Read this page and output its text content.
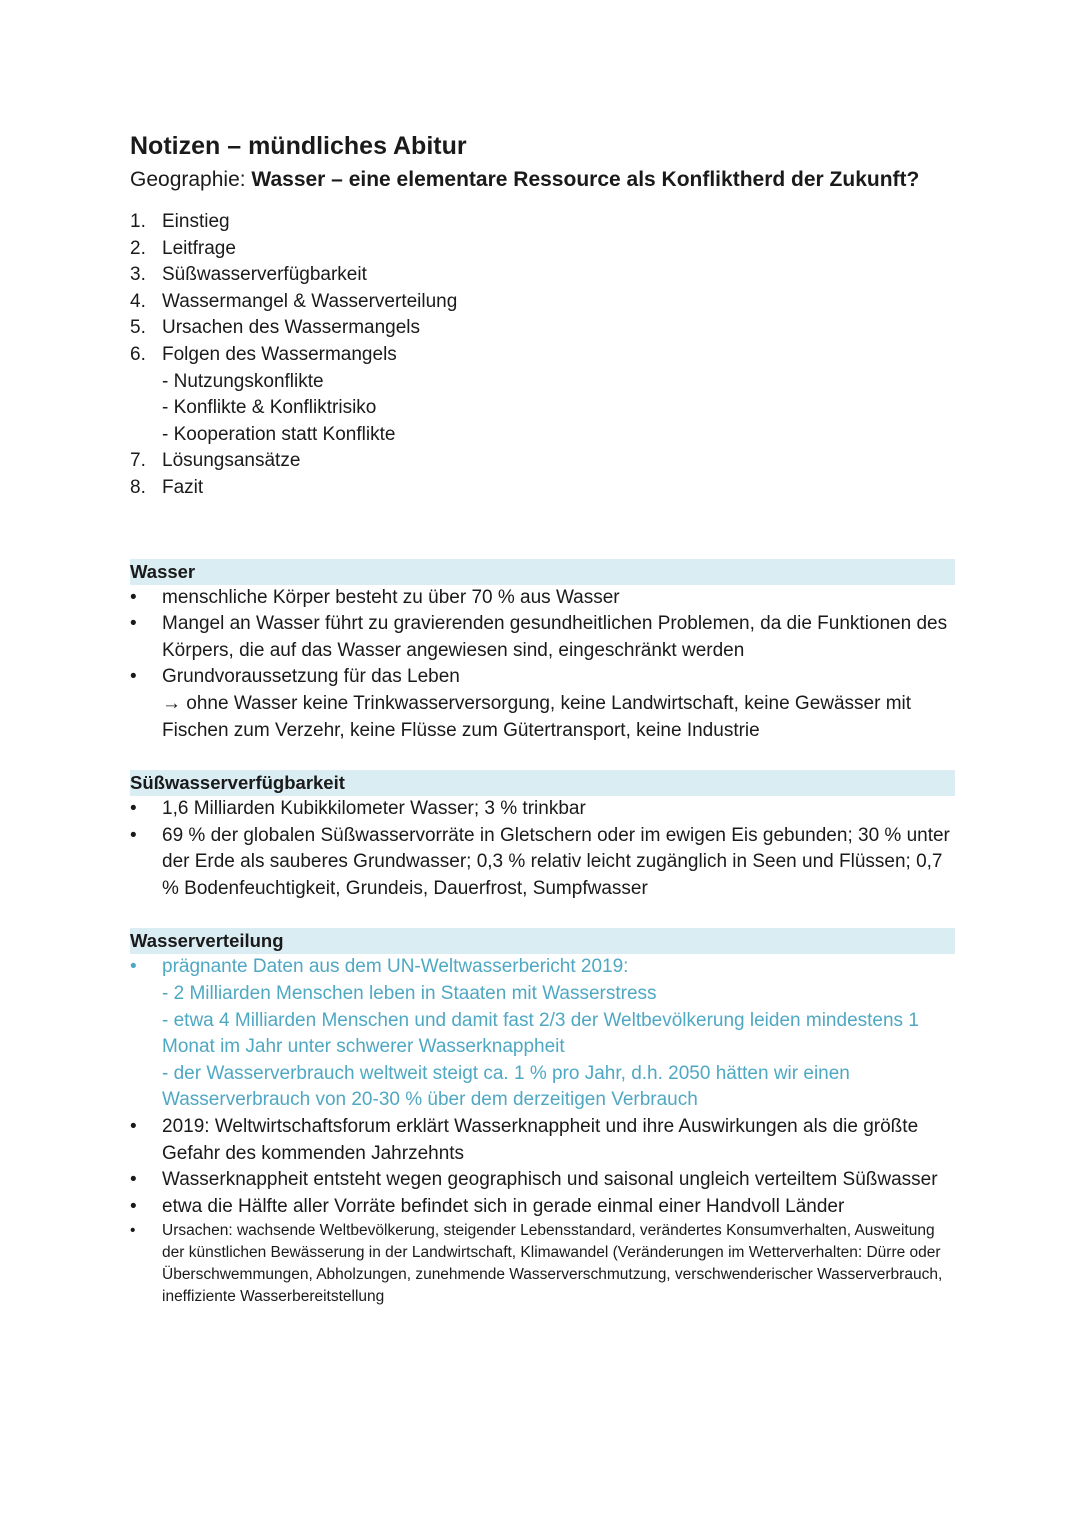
Notizen – mündliches Abitur

Geographie: Wasser – eine elementare Ressource als Konfliktherd der Zukunft?

1. Einstieg
2. Leitfrage
3. Süßwasserverfügbarkeit
4. Wassermangel & Wasserverteilung
5. Ursachen des Wassermangels
6. Folgen des Wassermangels
- Nutzungskonflikte
- Konflikte & Konfliktrisiko
- Kooperation statt Konflikte
7. Lösungsansätze
8. Fazit
Wasser
• menschliche Körper besteht zu über 70 % aus Wasser
• Mangel an Wasser führt zu gravierenden gesundheitlichen Problemen, da die Funktionen des Körpers, die auf das Wasser angewiesen sind, eingeschränkt werden
• Grundvoraussetzung für das Leben
→ ohne Wasser keine Trinkwasserversorgung, keine Landwirtschaft, keine Gewässer mit Fischen zum Verzehr, keine Flüsse zum Gütertransport, keine Industrie
Süßwasserverfügbarkeit
• 1,6 Milliarden Kubikkilometer Wasser; 3 % trinkbar
• 69 % der globalen Süßwasservorräte in Gletschern oder im ewigen Eis gebunden; 30 % unter der Erde als sauberes Grundwasser; 0,3 % relativ leicht zugänglich in Seen und Flüssen; 0,7 % Bodenfeuchtigkeit, Grundeis, Dauerfrost, Sumpfwasser
Wasserverteilung
• prägnante Daten aus dem UN-Weltwasserbericht 2019:
- 2 Milliarden Menschen leben in Staaten mit Wasserstress
- etwa 4 Milliarden Menschen und damit fast 2/3 der Weltbevölkerung leiden mindestens 1 Monat im Jahr unter schwerer Wasserknappheit
- der Wasserverbrauch weltweit steigt ca. 1 % pro Jahr, d.h. 2050 hätten wir einen Wasserverbrauch von 20-30 % über dem derzeitigen Verbrauch
• 2019: Weltwirtschaftsforum erklärt Wasserknappheit und ihre Auswirkungen als die größte Gefahr des kommenden Jahrzehnts
• Wasserknappheit entsteht wegen geographisch und saisonal ungleich verteiltem Süßwasser
• etwa die Hälfte aller Vorräte befindet sich in gerade einmal einer Handvoll Länder
• Ursachen: wachsende Weltbevölkerung, steigender Lebensstandard, verändertes Konsumverhalten, Ausweitung der künstlichen Bewässerung in der Landwirtschaft, Klimawandel (Veränderungen im Wetterverhalten: Dürre oder Überschwemmungen, Abholzungen, zunehmende Wasserverschmutzung, verschwenderischer Wasserverbrauch, ineffiziente Wasserbereitstellung
